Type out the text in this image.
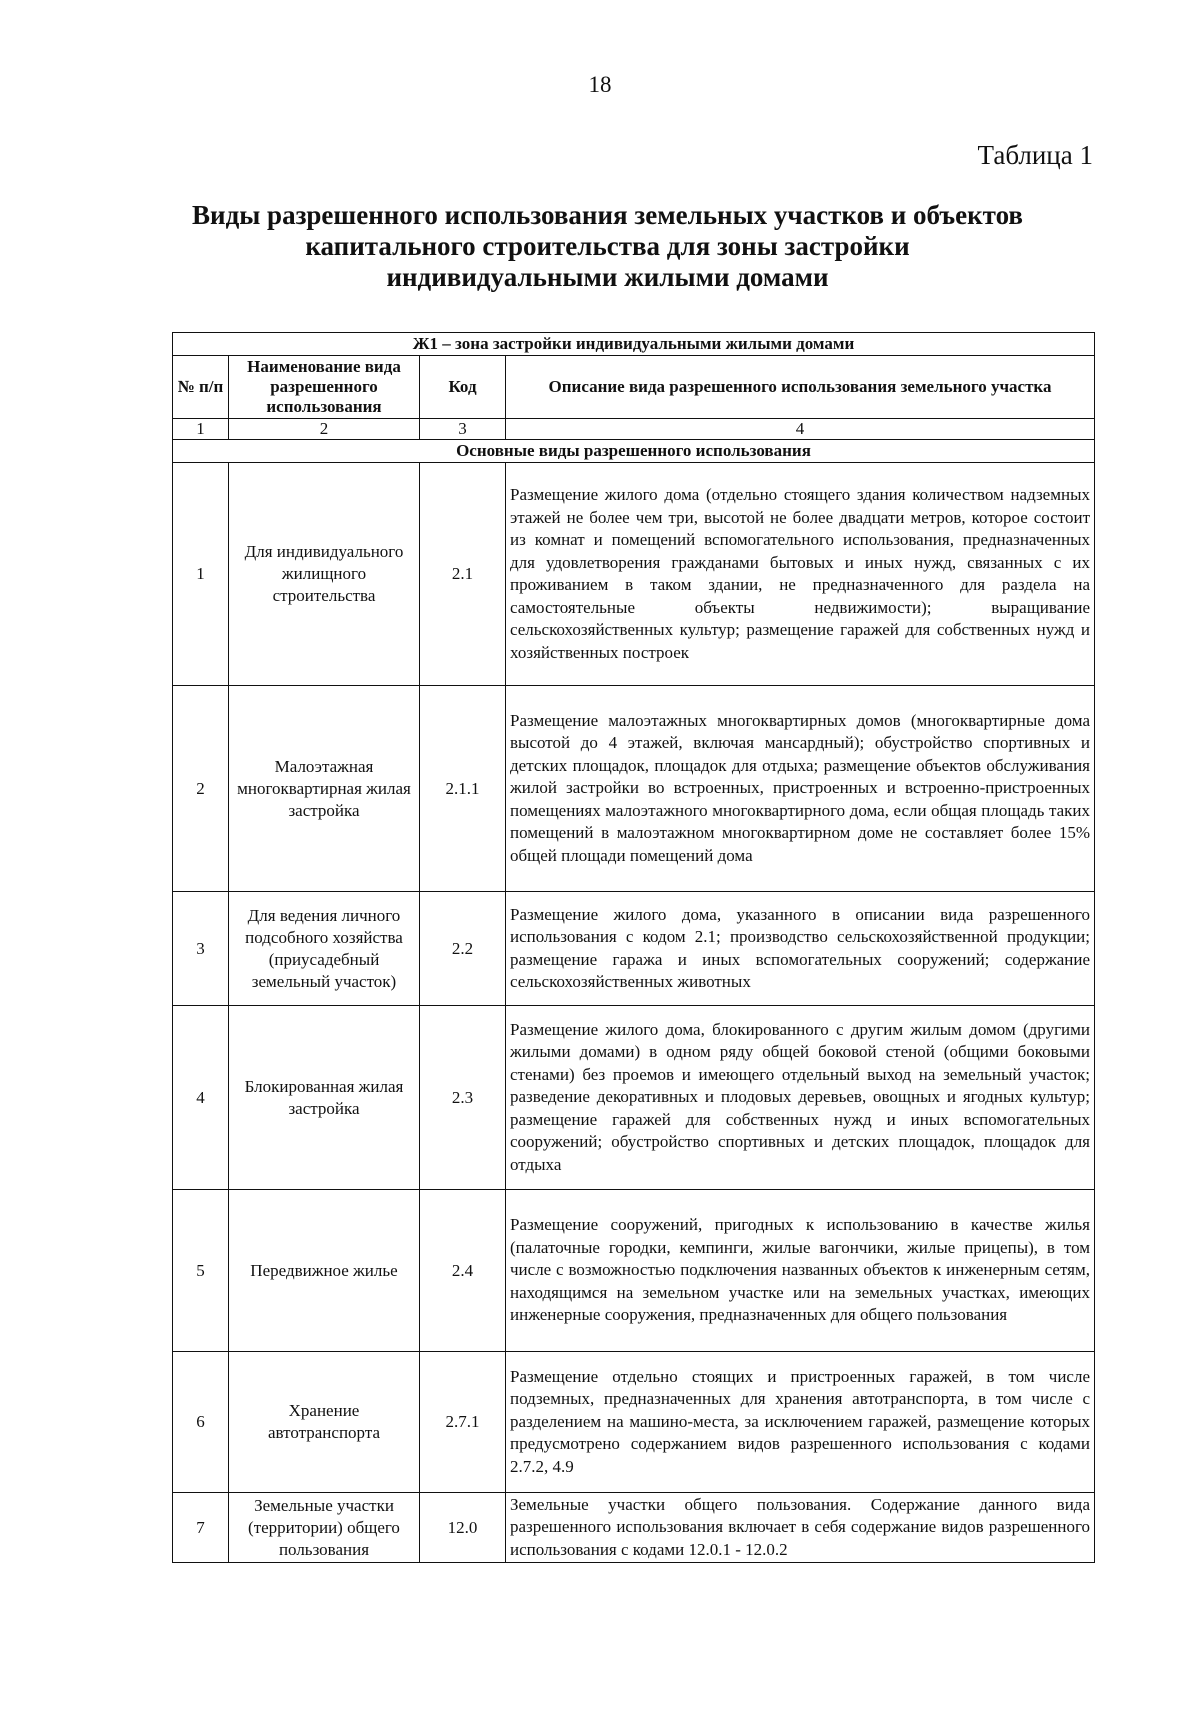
18
Таблица 1
Виды разрешенного использования земельных участков и объектов
капитального строительства для зоны застройки
индивидуальными жилыми домами
Ж1 – зона застройки индивидуальными жилыми домами			
№ п/п	Наименование вида разрешенного использования	Код	Описание вида разрешенного использования земельного участка
1	2	3	4
Основные виды разрешенного использования			
1	Для индивидуального жилищного строительства	2.1	Размещение жилого дома (отдельно стоящего здания количеством надземных этажей не более чем три, высотой не более двадцати метров, которое состоит из комнат и помещений вспомогательного использования, предназначенных для удовлетворения гражданами бытовых и иных нужд, связанных с их проживанием в таком здании, не предназначенного для раздела на самостоятельные объекты недвижимости); выращивание сельскохозяйственных культур; размещение гаражей для собственных нужд и хозяйственных построек
2	Малоэтажная многоквартирная жилая застройка	2.1.1	Размещение малоэтажных многоквартирных домов (многоквартирные дома высотой до 4 этажей, включая мансардный); обустройство спортивных и детских площадок, площадок для отдыха; размещение объектов обслуживания жилой застройки во встроенных, пристроенных и встроенно-пристроенных помещениях малоэтажного многоквартирного дома, если общая площадь таких помещений в малоэтажном многоквартирном доме не составляет более 15% общей площади помещений дома
3	Для ведения личного подсобного хозяйства (приусадебный земельный участок)	2.2	Размещение жилого дома, указанного в описании вида разрешенного использования с кодом 2.1; производство сельскохозяйственной продукции; размещение гаража и иных вспомогательных сооружений; содержание сельскохозяйственных животных
4	Блокированная жилая застройка	2.3	Размещение жилого дома, блокированного с другим жилым домом (другими жилыми домами) в одном ряду общей боковой стеной (общими боковыми стенами) без проемов и имеющего отдельный выход на земельный участок; разведение декоративных и плодовых деревьев, овощных и ягодных культур; размещение гаражей для собственных нужд и иных вспомогательных сооружений; обустройство спортивных и детских площадок, площадок для отдыха
5	Передвижное жилье	2.4	Размещение сооружений, пригодных к использованию в качестве жилья (палаточные городки, кемпинги, жилые вагончики, жилые прицепы), в том числе с возможностью подключения названных объектов к инженерным сетям, находящимся на земельном участке или на земельных участках, имеющих инженерные сооружения, предназначенных для общего пользования
6	Хранение автотранспорта	2.7.1	Размещение отдельно стоящих и пристроенных гаражей, в том числе подземных, предназначенных для хранения автотранспорта, в том числе с разделением на машино-места, за исключением гаражей, размещение которых предусмотрено содержанием видов разрешенного использования с кодами 2.7.2, 4.9
7	Земельные участки (территории) общего пользования	12.0	Земельные участки общего пользования. Содержание данного вида разрешенного использования включает в себя содержание видов разрешенного использования с кодами 12.0.1 - 12.0.2
